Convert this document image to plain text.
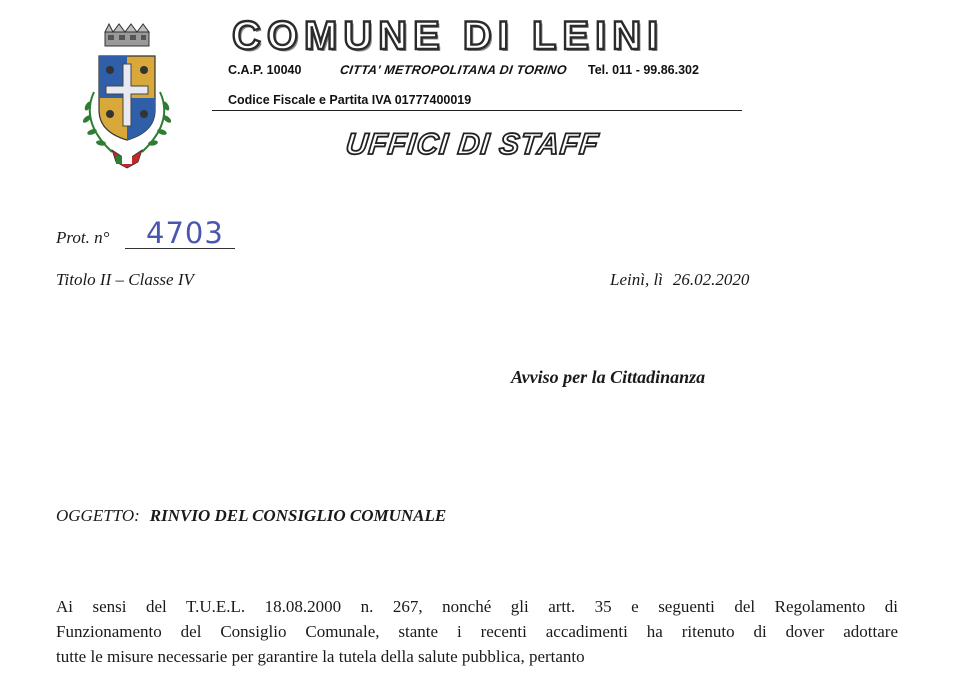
COMUNE DI LEINI
C.A.P. 10040	CITTA' METROPOLITANA DI TORINO Tel. 011 - 99.86.302
Codice Fiscale e Partita IVA 01777400019
UFFICI DI STAFF
Prot. n° 4703
Titolo II – Classe IV	Leinì, lì 26.02.2020
Avviso per la Cittadinanza
OGGETTO: RINVIO DEL CONSIGLIO COMUNALE
Ai sensi del T.U.E.L. 18.08.2000 n. 267, nonché gli artt. 35 e seguenti del Regolamento di
Funzionamento del Consiglio Comunale, stante i recenti accadimenti ha ritenuto di dover adottare
tutte le misure necessarie per garantire la tutela della salute pubblica, pertanto
